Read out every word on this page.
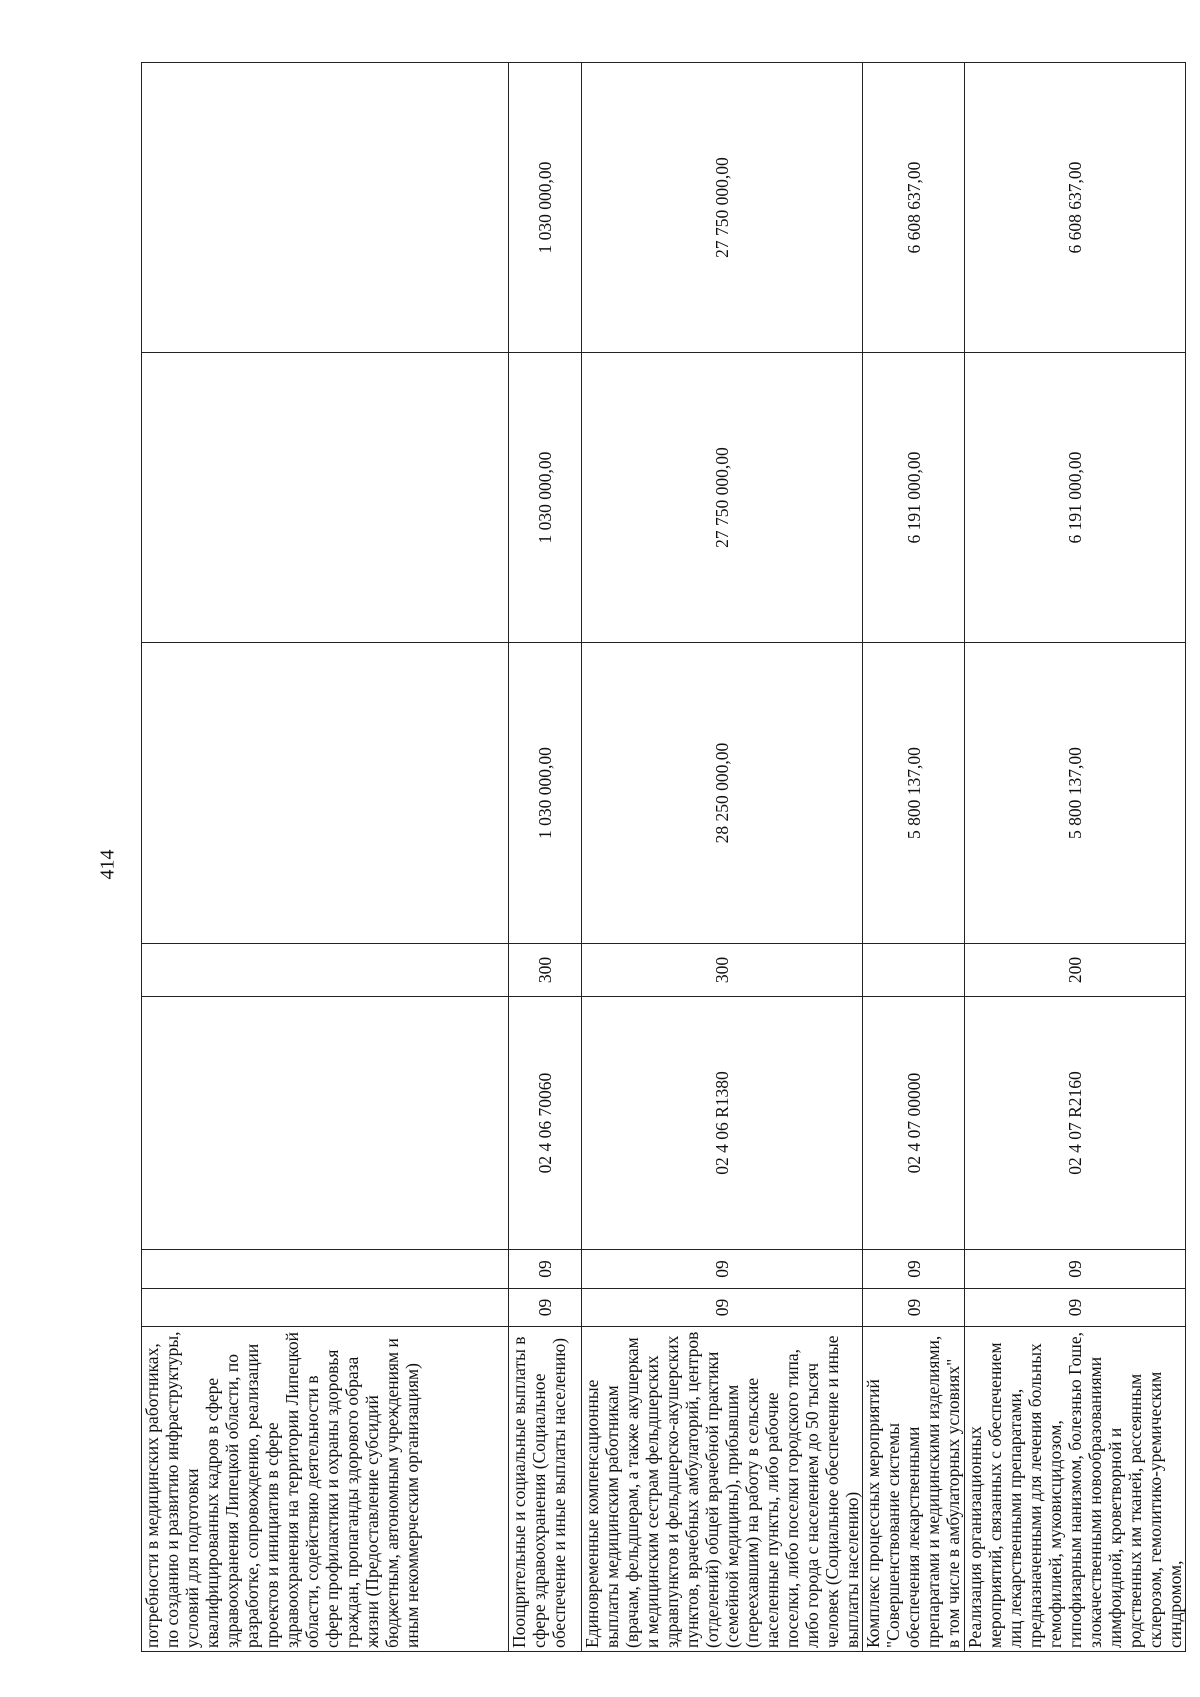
414
потребности в медицинских работниках, по созданию и развитию инфраструктуры, условий для подготовки квалифицированных кадров в сфере здравоохранения Липецкой области, по разработке, сопровождению, реализации проектов и инициатив в сфере здравоохранения на территории Липецкой области, содействию деятельности в сфере профилактики и охраны здоровья граждан, пропаганды здорового образа жизни (Предоставление субсидий бюджетным, автономным учреждениям и иным некоммерческим организациям)							
Поощрительные и социальные выплаты в сфере здравоохранения (Социальное обеспечение и иные выплаты населению)	09	09	02 4 06 70060	300	1 030 000,00	1 030 000,00	1 030 000,00
Единовременные компенсационные выплаты медицинским работникам (врачам, фельдшерам, а также акушеркам и медицинским сестрам фельдшерских здравпунктов и фельдшерско-акушерских пунктов, врачебных амбулаторий, центров (отделений) общей врачебной практики (семейной медицины), прибывшим (переехавшим) на работу в сельские населенные пункты, либо рабочие поселки, либо поселки городского типа, либо города с населением до 50 тысяч человек (Социальное обеспечение и иные выплаты населению)	09	09	02 4 06 R1380	300	28 250 000,00	27 750 000,00	27 750 000,00
Комплекс процессных мероприятий "Совершенствование системы обеспечения лекарственными препаратами и медицинскими изделиями, в том числе в амбулаторных условиях"	09	09	02 4 07 00000		5 800 137,00	6 191 000,00	6 608 637,00
Реализация организационных мероприятий, связанных с обеспечением лиц лекарственными препаратами, предназначенными для лечения больных гемофилией, муковисцидозом, гипофизарным нанизмом, болезнью Гоше, злокачественными новообразованиями лимфоидной, кроветворной и родственных им тканей, рассеянным склерозом, гемолитико-уремическим синдромом,	09	09	02 4 07 R2160	200	5 800 137,00	6 191 000,00	6 608 637,00
